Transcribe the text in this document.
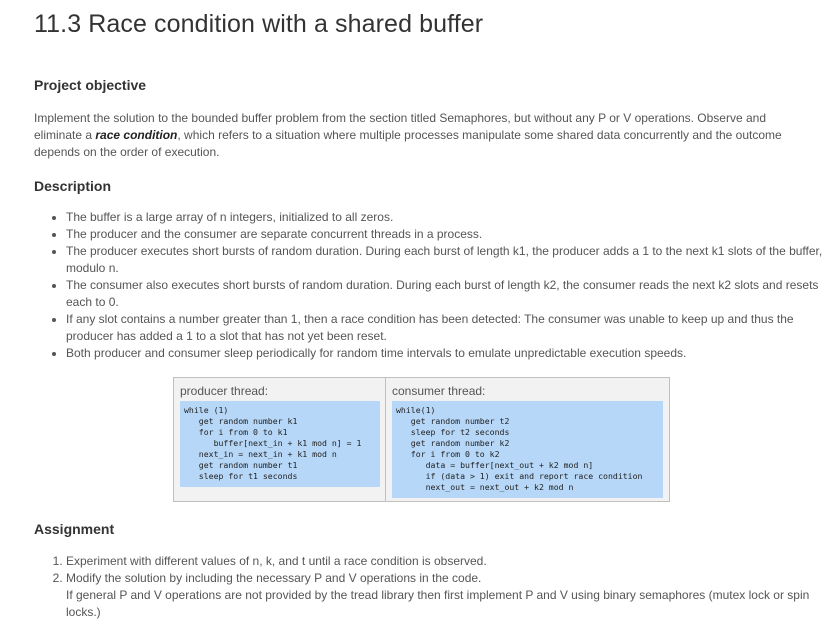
11.3 Race condition with a shared buffer
Project objective

Implement the solution to the bounded buffer problem from the section titled Semaphores, but without any P or V operations. Observe and eliminate a race condition, which refers to a situation where multiple processes manipulate some shared data concurrently and the outcome depends on the order of execution.

Description
• The buffer is a large array of n integers, initialized to all zeros.
• The producer and the consumer are separate concurrent threads in a process.
• The producer executes short bursts of random duration. During each burst of length k1, the producer adds a 1 to the next k1 slots of the buffer, modulo n.
• The consumer also executes short bursts of random duration. During each burst of length k2, the consumer reads the next k2 slots and resets each to 0.
• If any slot contains a number greater than 1, then a race condition has been detected: The consumer was unable to keep up and thus the producer has added a 1 to a slot that has not yet been reset.
• Both producer and consumer sleep periodically for random time intervals to emulate unpredictable execution speeds.
producer thread:
while (1)
get random number k1
for i from 0 to k1
buffer[next_in + k1 mod n] = 1
next_in = next_in + k1 mod n
get random number t1
sleep for t1 seconds
consumer thread:
while(1)
get random number t2
sleep for t2 seconds
get random number k2
for i from 0 to k2
data = buffer[next_out + k2 mod n]
if (data > 1) exit and report race condition
next_out = next_out + k2 mod n
Assignment
1. Experiment with different values of n, k, and t until a race condition is observed.
2. Modify the solution by including the necessary P and V operations in the code.
If general P and V operations are not provided by the tread library then first implement P and V using binary semaphores (mutex lock or spin locks.)
